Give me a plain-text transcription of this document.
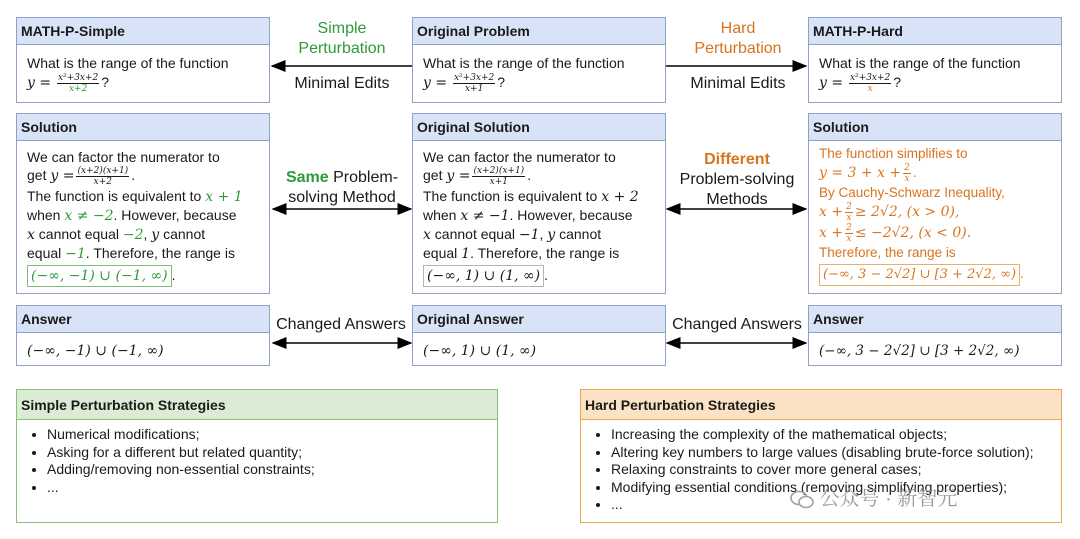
MATH-P-Simple
What is the range of the function
$y = \frac{\text{x²+3x+2}}{x+2}$ ?
Original Problem
What is the range of the function
$y = \frac{\text{x²+3x+2}}{x+1}$ ?
MATH-P-Hard
What is the range of the function
$y = \frac{\text{x²+3x+2}}{x}$ ?
Simple
Perturbation
Minimal Edits
Hard
Perturbation
Minimal Edits
Solution
We can factor the numerator to
get $y = \frac{(x+2)(x+1)}{x+2}$ .
The function is equivalent to x + 1
when x ≠ −2. However, because
x cannot equal −2, y cannot
equal −1. Therefore, the range is
(−∞, −1) ∪ (−1, ∞) .
Original Solution
We can factor the numerator to
get $y = \frac{(x+2)(x+1)}{x+1}$ .
The function is equivalent to x + 2
when x ≠ −1. However, because
x cannot equal −1, y cannot
equal 1. Therefore, the range is
(−∞, 1) ∪ (1, ∞) .
Solution
The function simplifies to
$y = 3 + x + \frac{2}{x}$ .
By Cauchy-Schwarz Inequality,
$x + \frac{2}{x} \ge 2√2$, (x > 0),
$x + \frac{2}{x} \le -2√2$, (x < 0).
Therefore, the range is
(−∞, 3 − 2√2] ∪ [3 + 2√2, ∞) .
Same Problem-
solving Method
Different
Problem-solving
Methods
Answer
(−∞, −1) ∪ (−1, ∞)
Original Answer
(−∞, 1) ∪ (1, ∞)
Answer
(−∞, 3 − 2√2] ∪ [3 + 2√2, ∞)
Changed Answers	Changed Answers
Simple Perturbation Strategies
• Numerical modifications;
• Asking for a different but related quantity;
• Adding/removing non-essential constraints;
• ...
Hard Perturbation Strategies
• Increasing the complexity of the mathematical objects;
• Altering key numbers to large values (disabling brute-force solution);
• Relaxing constraints to cover more general cases;
• Modifying essential conditions (removing simplifying properties);
• ...	公众号 · 新智元
